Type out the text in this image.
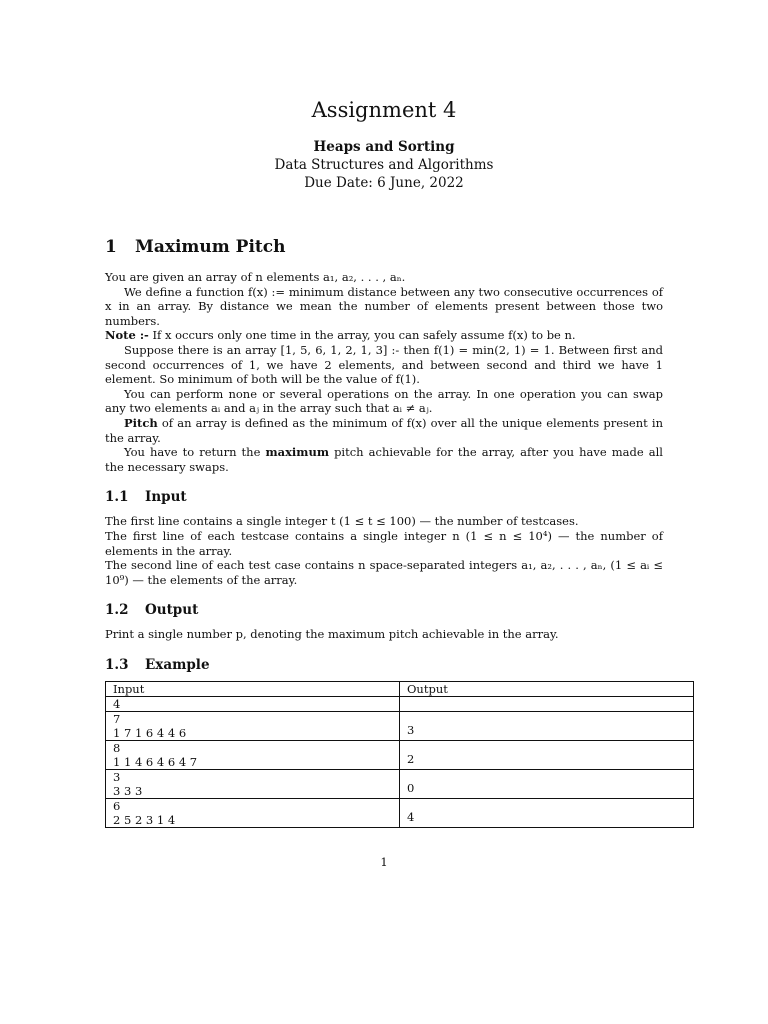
Assignment 4
Heaps and Sorting
Data Structures and Algorithms
Due Date: 6 June, 2022
1 Maximum Pitch

You are given an array of n elements a₁, a₂, . . . , aₙ.

We define a function f(x) := minimum distance between any two consecutive occurrences of x in an array. By distance we mean the number of elements present between those two numbers.

Note :- If x occurs only one time in the array, you can safely assume f(x) to be n.

Suppose there is an array [1, 5, 6, 1, 2, 1, 3] :- then f(1) = min(2, 1) = 1. Between first and second occurrences of 1, we have 2 elements, and between second and third we have 1 element. So minimum of both will be the value of f(1).

You can perform none or several operations on the array. In one operation you can swap any two elements aᵢ and aⱼ in the array such that aᵢ ≠ aⱼ.

Pitch of an array is defined as the minimum of f(x) over all the unique elements present in the array.

You have to return the maximum pitch achievable for the array, after you have made all the necessary swaps.

1.1 Input

The first line contains a single integer t (1 ≤ t ≤ 100) — the number of testcases.

The first line of each testcase contains a single integer n (1 ≤ n ≤ 10⁴) — the number of elements in the array.

The second line of each test case contains n space-separated integers a₁, a₂, . . . , aₙ, (1 ≤ aᵢ ≤ 10⁹) — the elements of the array.

1.2 Output

Print a single number p, denoting the maximum pitch achievable in the array.

1.3 Example
Input	Output
4	

7
1 7 1 6 4 4 6	3

8
1 1 4 6 4 6 4 7	2

3
3 3 3	0

6
2 5 2 3 1 4	4
1
